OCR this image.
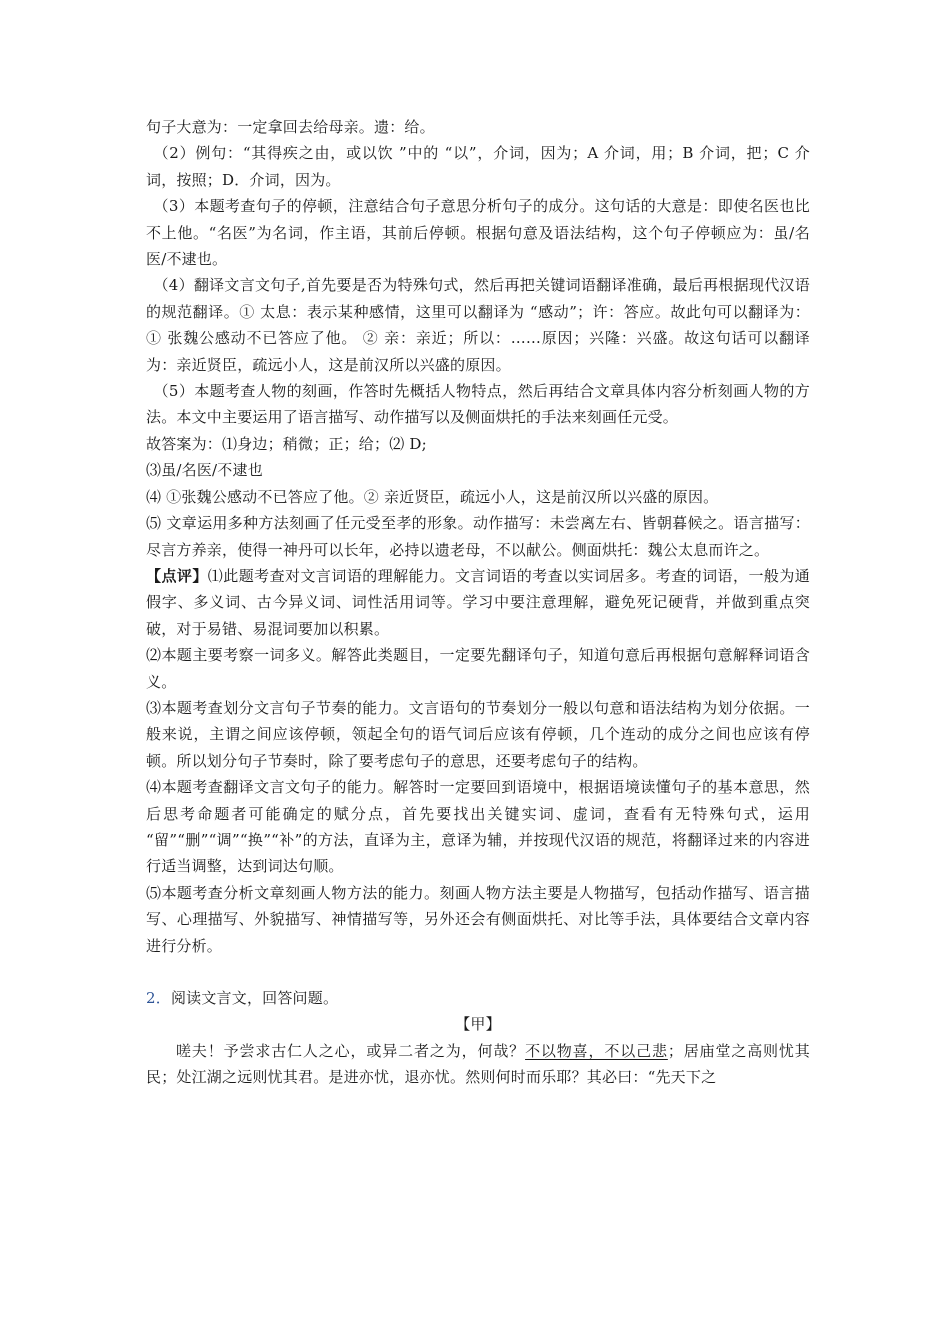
句子大意为：一定拿回去给母亲。遗：给。

（2）例句：“其得疾之由，或以饮 ”中的 “以”，介词，因为；A 介词，用；B 介词，把；C 介词，按照；D．介词，因为。

（3）本题考查句子的停顿，注意结合句子意思分析句子的成分。这句话的大意是：即使名医也比不上他。“名医”为名词，作主语，其前后停顿。根据句意及语法结构，这个句子停顿应为：虽/名医/不逮也。

（4）翻译文言文句子,首先要是否为特殊句式，然后再把关键词语翻译准确，最后再根据现代汉语的规范翻译。① 太息：表示某种感情，这里可以翻译为 “感动”；许：答应。故此句可以翻译为： ① 张魏公感动不已答应了他。 ② 亲：亲近；所以：……原因；兴隆：兴盛。故这句话可以翻译为：亲近贤臣，疏远小人，这是前汉所以兴盛的原因。

（5）本题考查人物的刻画，作答时先概括人物特点，然后再结合文章具体内容分析刻画人物的方法。本文中主要运用了语言描写、动作描写以及侧面烘托的手法来刻画任元受。

故答案为：⑴身边；稍微；正；给；⑵ D;

⑶虽/名医/不逮也

⑷ ①张魏公感动不已答应了他。② 亲近贤臣，疏远小人，这是前汉所以兴盛的原因。

⑸ 文章运用多种方法刻画了任元受至孝的形象。动作描写：未尝离左右、皆朝暮候之。语言描写：尽言方养亲，使得一神丹可以长年，必持以遗老母，不以献公。侧面烘托：魏公太息而许之。

【点评】⑴此题考查对文言词语的理解能力。文言词语的考查以实词居多。考查的词语，一般为通假字、多义词、古今异义词、词性活用词等。学习中要注意理解，避免死记硬背，并做到重点突破，对于易错、易混词要加以积累。

⑵本题主要考察一词多义。解答此类题目，一定要先翻译句子，知道句意后再根据句意解释词语含义。

⑶本题考查划分文言句子节奏的能力。文言语句的节奏划分一般以句意和语法结构为划分依据。一般来说，主谓之间应该停顿，领起全句的语气词后应该有停顿，几个连动的成分之间也应该有停顿。所以划分句子节奏时，除了要考虑句子的意思，还要考虑句子的结构。

⑷本题考查翻译文言文句子的能力。解答时一定要回到语境中，根据语境读懂句子的基本意思，然后思考命题者可能确定的赋分点，首先要找出关键实词、虚词，查看有无特殊句式，运用 “留”“删”“调”“换”“补”的方法，直译为主，意译为辅，并按现代汉语的规范，将翻译过来的内容进行适当调整，达到词达句顺。

⑸本题考查分析文章刻画人物方法的能力。刻画人物方法主要是人物描写，包括动作描写、语言描写、心理描写、外貌描写、神情描写等，另外还会有侧面烘托、对比等手法，具体要结合文章内容进行分析。

2．阅读文言文，回答问题。

【甲】

嗟夫！予尝求古仁人之心，或异二者之为，何哉？不以物喜，不以己悲；居庙堂之高则忧其民；处江湖之远则忧其君。是进亦忧，退亦忧。然则何时而乐耶？其必曰：“先天下之
